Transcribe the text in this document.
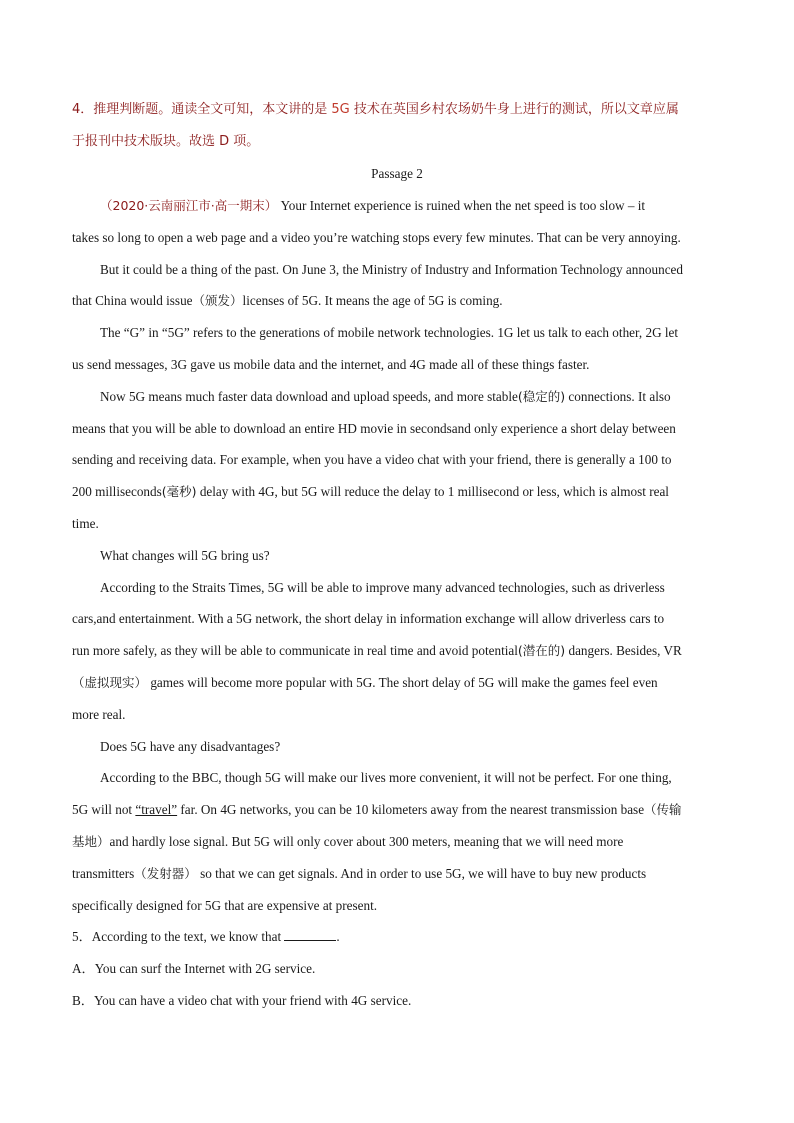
4．推理判断题。通读全文可知，本文讲的是 5G 技术在英国乡村农场奶牛身上进行的测试，所以文章应属
于报刊中技术版块。故选 D 项。
Passage 2
（2020·云南丽江市·高一期末） Your Internet experience is ruined when the net speed is too slow – it
takes so long to open a web page and a video you’re watching stops every few minutes. That can be very annoying.
But it could be a thing of the past. On June 3, the Ministry of Industry and Information Technology announced
that China would issue（颁发）licenses of 5G. It means the age of 5G is coming.
The “G” in “5G” refers to the generations of mobile network technologies. 1G let us talk to each other, 2G let
us send messages, 3G gave us mobile data and the internet, and 4G made all of these things faster.
Now 5G means much faster data download and upload speeds, and more stable(稳定的) connections. It also
means that you will be able to download an entire HD movie in secondsand only experience a short delay between
sending and receiving data. For example, when you have a video chat with your friend, there is generally a 100 to
200 milliseconds(毫秒) delay with 4G, but 5G will reduce the delay to 1 millisecond or less, which is almost real
time.
What changes will 5G bring us?
According to the Straits Times, 5G will be able to improve many advanced technologies, such as driverless
cars,and entertainment. With a 5G network, the short delay in information exchange will allow driverless cars to
run more safely, as they will be able to communicate in real time and avoid potential(潜在的) dangers. Besides, VR
（虚拟现实） games will become more popular with 5G. The short delay of 5G will make the games feel even
more real.
Does 5G have any disadvantages?
According to the BBC, though 5G will make our lives more convenient, it will not be perfect. For one thing,
5G will not “travel” far. On 4G networks, you can be 10 kilometers away from the nearest transmission base（传输
基地）and hardly lose signal. But 5G will only cover about 300 meters, meaning that we will need more
transmitters（发射器） so that we can get signals. And in order to use 5G, we will have to buy new products
specifically designed for 5G that are expensive at present.
5．According to the text, we know that	.
A．You can surf the Internet with 2G service.
B．You can have a video chat with your friend with 4G service.
